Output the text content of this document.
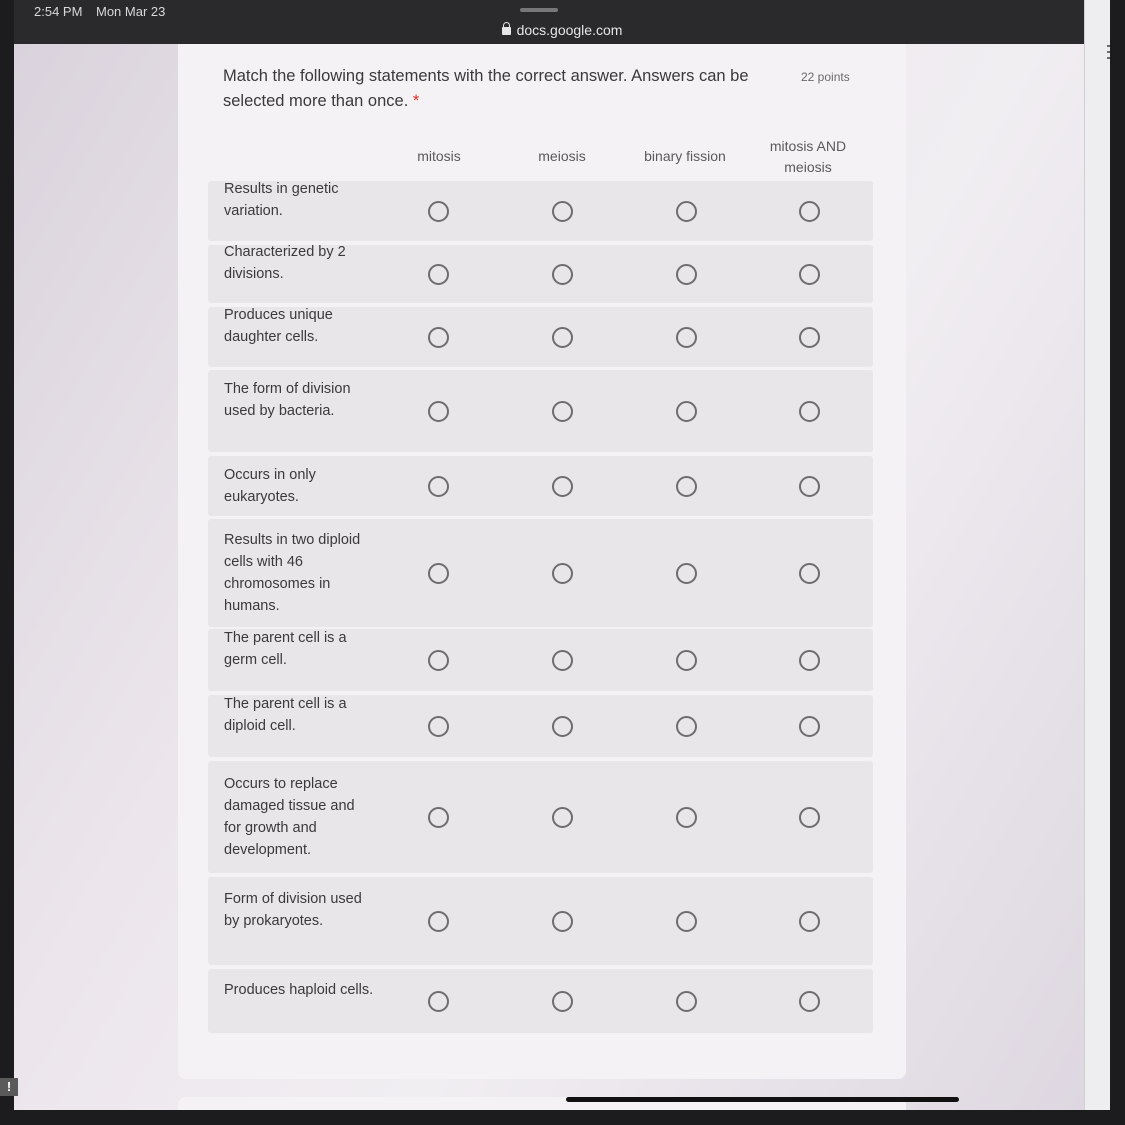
2:54 PM Mon Mar 23
docs.google.com
Match the following statements with the correct answer. Answers can be selected more than once. *
22 points
mitosis	meiosis	binary fission
mitosis AND meiosis
Results in genetic variation.
Characterized by 2 divisions.
Produces unique daughter cells.
The form of division used by bacteria.
Occurs in only eukaryotes.
Results in two diploid cells with 46 chromosomes in humans.
The parent cell is a germ cell.
The parent cell is a diploid cell.
Occurs to replace damaged tissue and for growth and development.
Form of division used by prokaryotes.
Produces haploid cells.
!
